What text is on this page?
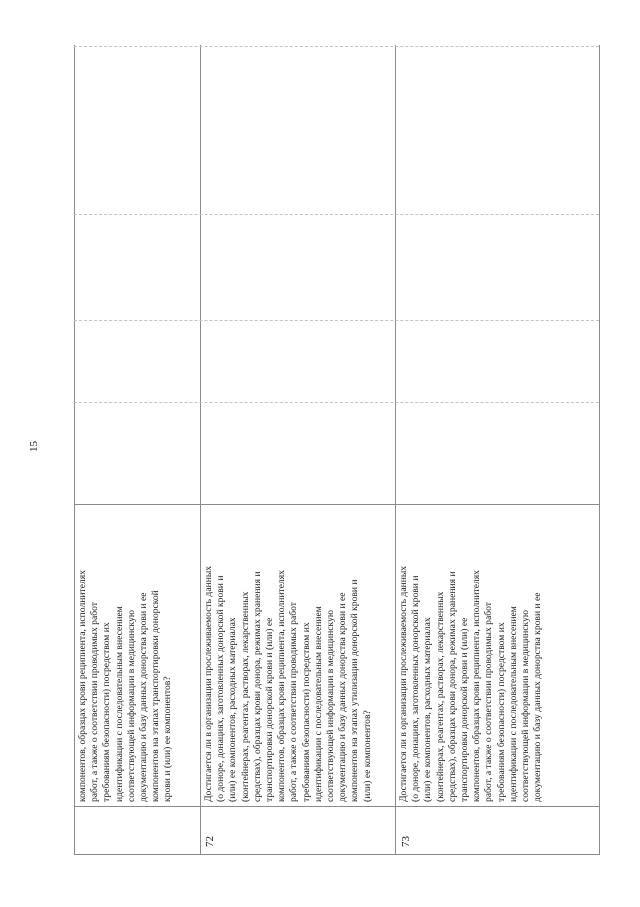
15
компонентов, образцах крови реципиента, исполнителях работ, а также о соответствии проводимых работ требованиям безопасности) посредством их идентификации с последовательным внесением соответствующей информации в медицинскую документацию и базу данных донорства крови и ее компонентов на этапах транспортировки донорской крови и (или) ее компонентов?
72
Достигается ли в организации прослеживаемость данных (о доноре, донациях, заготовленных донорской крови и (или) ее компонентов, расходных материалах (контейнерах, реагентах, растворах, лекарственных средствах), образцах крови донора, режимах хранения и транспортировки донорской крови и (или) ее компонентов, образцах крови реципиента, исполнителях работ, а также о соответствии проводимых работ требованиям безопасности) посредством их идентификации с последовательным внесением соответствующей информации в медицинскую документацию и базу данных донорства крови и ее компонентов на этапах утилизации донорской крови и (или) ее компонентов?
73
Достигается ли в организации прослеживаемость данных (о доноре, донациях, заготовленных донорской крови и (или) ее компонентов, расходных материалах (контейнерах, реагентах, растворах, лекарственных средствах), образцах крови донора, режимах хранения и транспортировки донорской крови и (или) ее компонентов, образцах крови реципиента, исполнителях работ, а также о соответствии проводимых работ требованиям безопасности) посредством их идентификации с последовательным внесением соответствующей информации в медицинскую документацию и базу данных донорства крови и ее
